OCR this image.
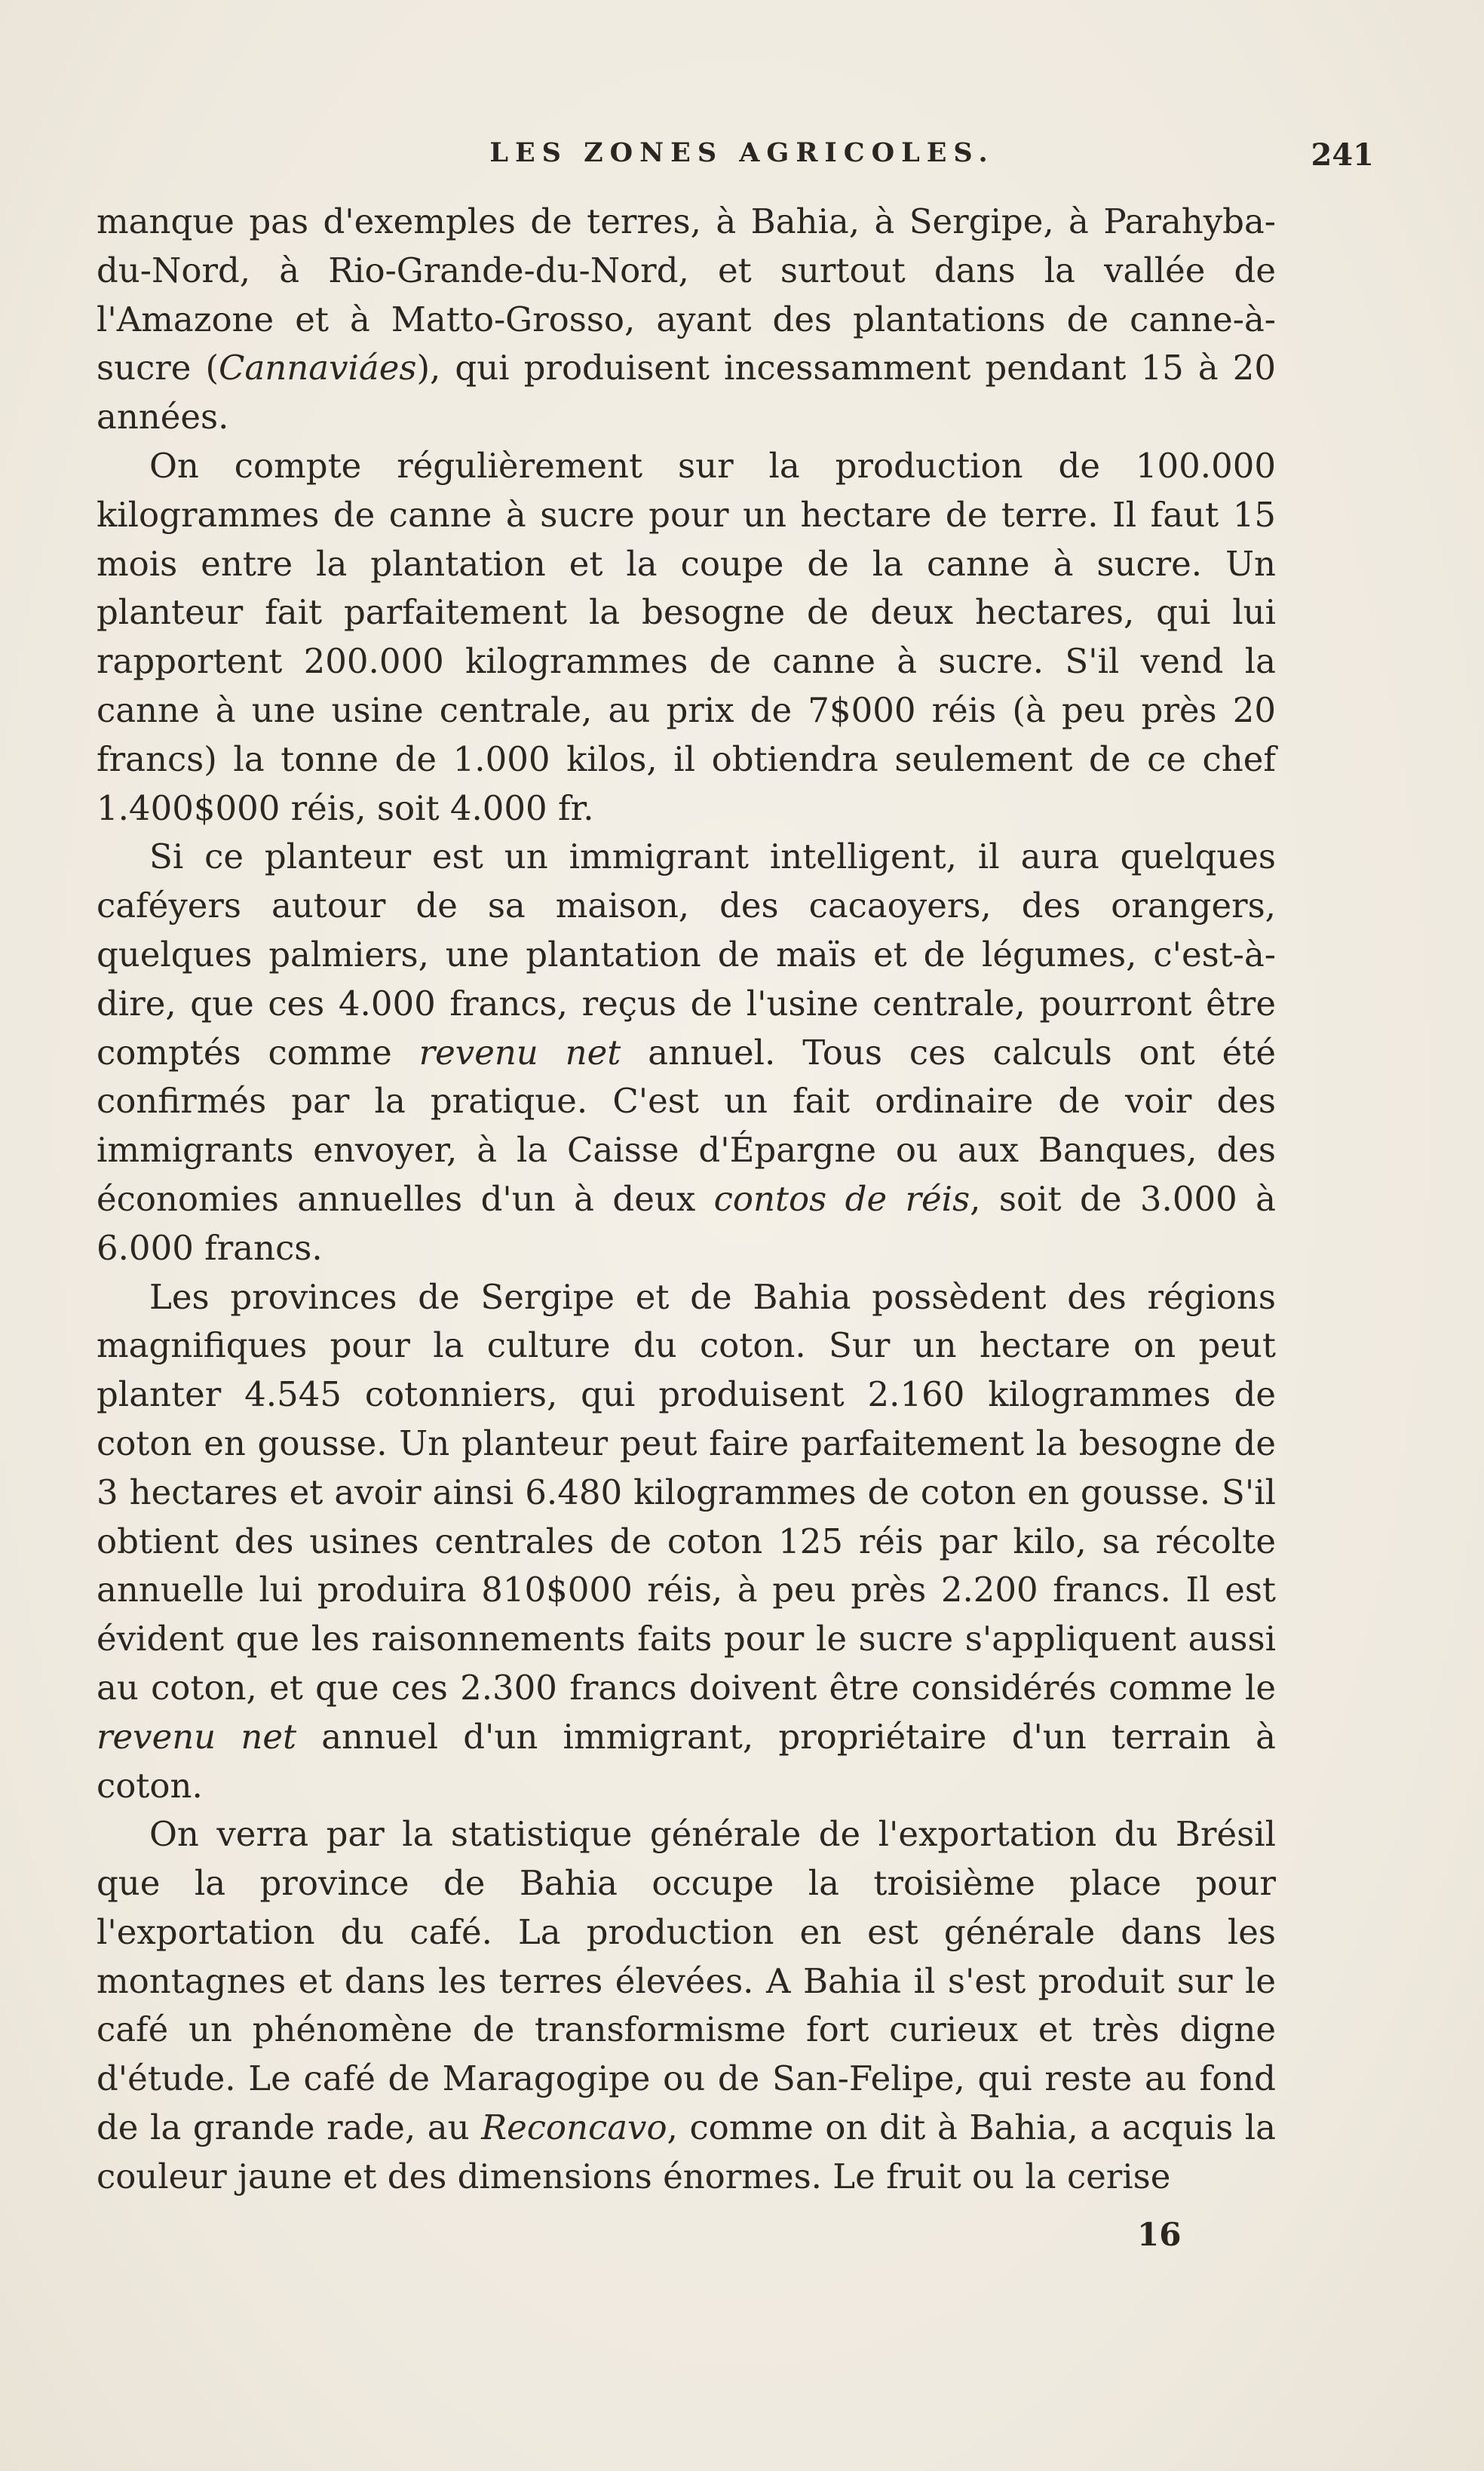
LES ZONES AGRICOLES.	241

manque pas d'exemples de terres, à Bahia, à Sergipe, à Parahyba-du-Nord, à Rio-Grande-du-Nord, et surtout dans la vallée de l'Amazone et à Matto-Grosso, ayant des plantations de canne-à-sucre (Cannaviáes), qui produisent incessamment pendant 15 à 20 années.

On compte régulièrement sur la production de 100.000 kilogrammes de canne à sucre pour un hectare de terre. Il faut 15 mois entre la plantation et la coupe de la canne à sucre. Un planteur fait parfaitement la besogne de deux hectares, qui lui rapportent 200.000 kilogrammes de canne à sucre. S'il vend la canne à une usine centrale, au prix de 7$000 réis (à peu près 20 francs) la tonne de 1.000 kilos, il obtiendra seulement de ce chef 1.400$000 réis, soit 4.000 fr.

Si ce planteur est un immigrant intelligent, il aura quelques caféyers autour de sa maison, des cacaoyers, des orangers, quelques palmiers, une plantation de maïs et de légumes, c'est-à-dire, que ces 4.000 francs, reçus de l'usine centrale, pourront être comptés comme revenu net annuel. Tous ces calculs ont été confirmés par la pratique. C'est un fait ordinaire de voir des immigrants envoyer, à la Caisse d'Épargne ou aux Banques, des économies annuelles d'un à deux contos de réis, soit de 3.000 à 6.000 francs.

Les provinces de Sergipe et de Bahia possèdent des régions magnifiques pour la culture du coton. Sur un hectare on peut planter 4.545 cotonniers, qui produisent 2.160 kilogrammes de coton en gousse. Un planteur peut faire parfaitement la besogne de 3 hectares et avoir ainsi 6.480 kilogrammes de coton en gousse. S'il obtient des usines centrales de coton 125 réis par kilo, sa récolte annuelle lui produira 810$000 réis, à peu près 2.200 francs. Il est évident que les raisonnements faits pour le sucre s'appliquent aussi au coton, et que ces 2.300 francs doivent être considérés comme le revenu net annuel d'un immigrant, propriétaire d'un terrain à coton.

On verra par la statistique générale de l'exportation du Brésil que la province de Bahia occupe la troisième place pour l'exportation du café. La production en est générale dans les montagnes et dans les terres élevées. A Bahia il s'est produit sur le café un phénomène de transformisme fort curieux et très digne d'étude. Le café de Maragogipe ou de San-Felipe, qui reste au fond de la grande rade, au Reconcavo, comme on dit à Bahia, a acquis la couleur jaune et des dimensions énormes. Le fruit ou la cerise

16
